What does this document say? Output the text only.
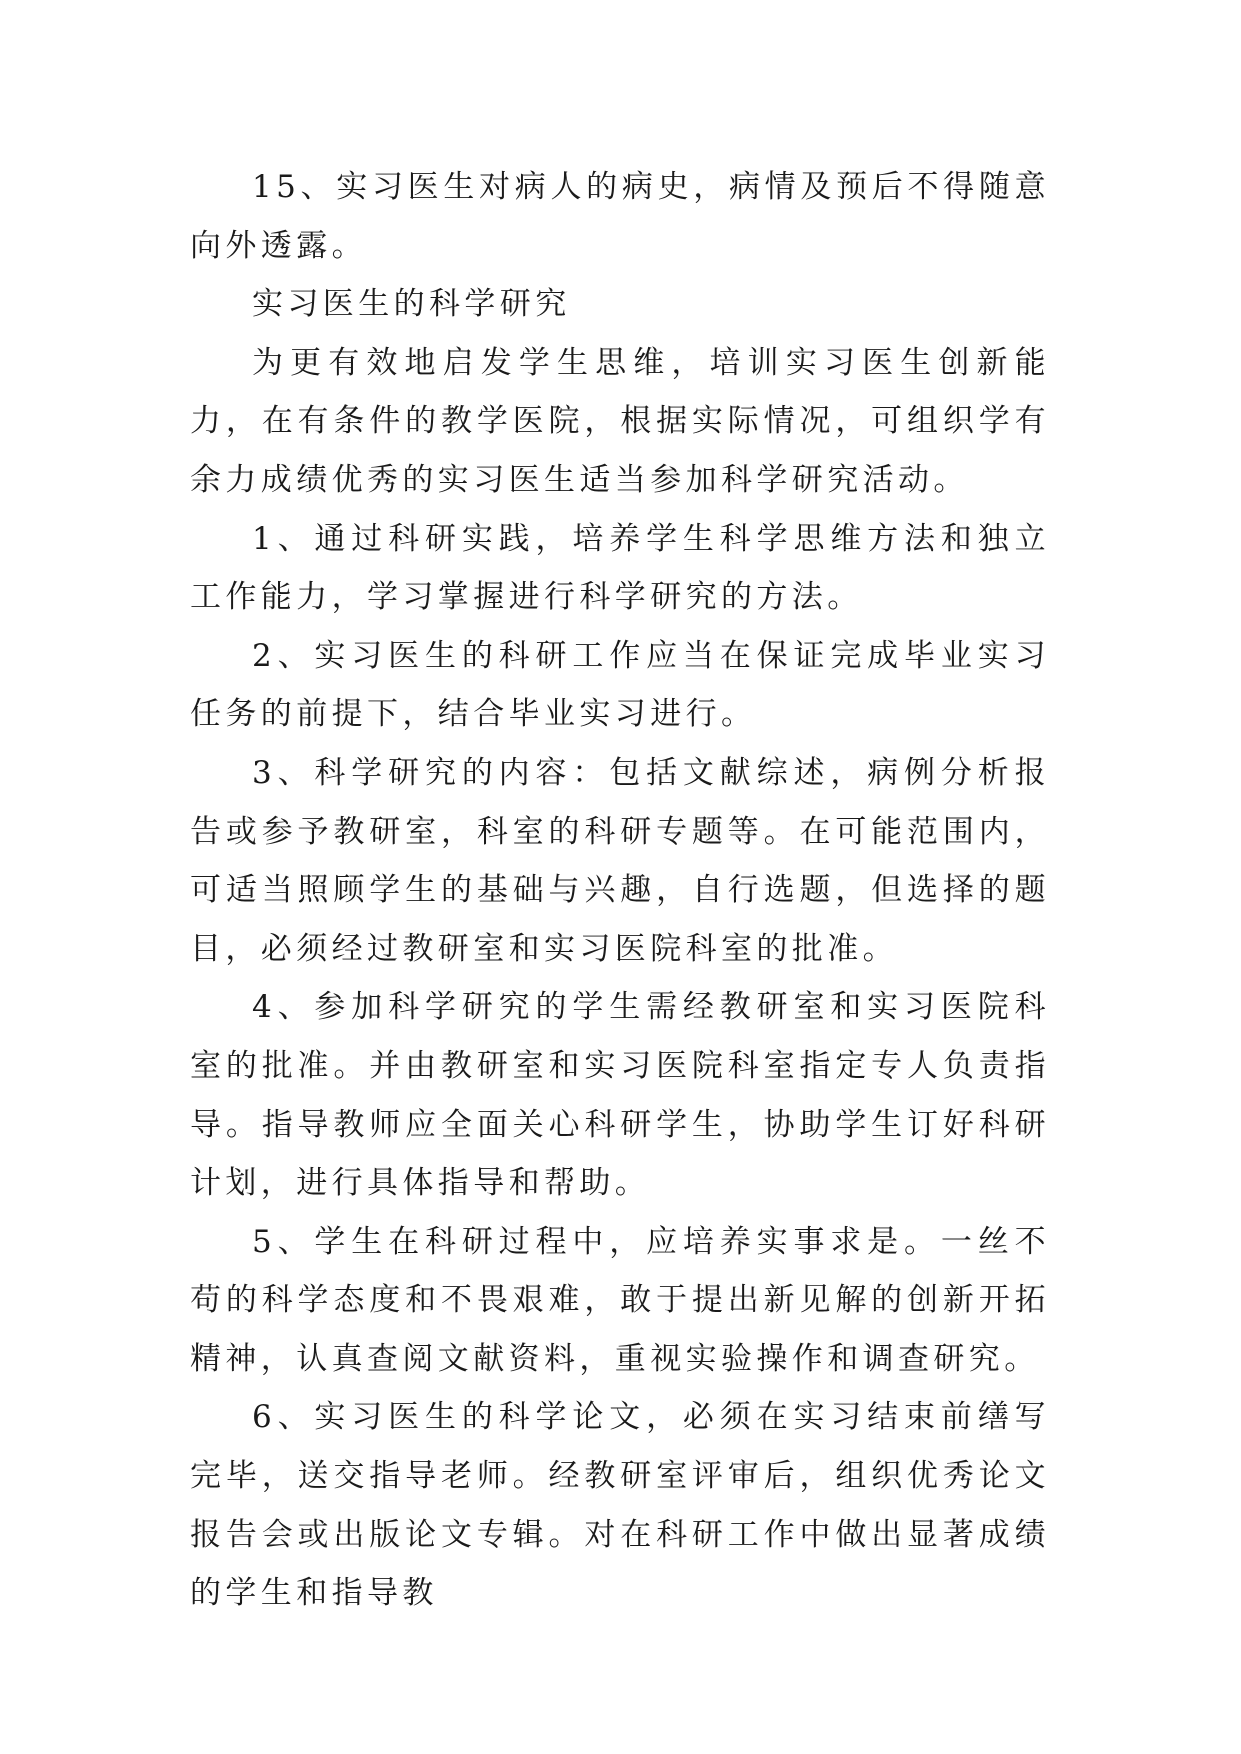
15、实习医生对病人的病史，病情及预后不得随意向外透露。

实习医生的科学研究

为更有效地启发学生思维，培训实习医生创新能力，在有条件的教学医院，根据实际情况，可组织学有余力成绩优秀的实习医生适当参加科学研究活动。

1、通过科研实践，培养学生科学思维方法和独立工作能力，学习掌握进行科学研究的方法。

2、实习医生的科研工作应当在保证完成毕业实习任务的前提下，结合毕业实习进行。

3、科学研究的内容：包括文献综述，病例分析报告或参予教研室，科室的科研专题等。在可能范围内，可适当照顾学生的基础与兴趣，自行选题，但选择的题目，必须经过教研室和实习医院科室的批准。

4、参加科学研究的学生需经教研室和实习医院科室的批准。并由教研室和实习医院科室指定专人负责指导。指导教师应全面关心科研学生，协助学生订好科研计划，进行具体指导和帮助。

5、学生在科研过程中，应培养实事求是。一丝不苟的科学态度和不畏艰难，敢于提出新见解的创新开拓精神，认真查阅文献资料，重视实验操作和调查研究。

6、实习医生的科学论文，必须在实习结束前缮写完毕，送交指导老师。经教研室评审后，组织优秀论文报告会或出版论文专辑。对在科研工作中做出显著成绩的学生和指导教
